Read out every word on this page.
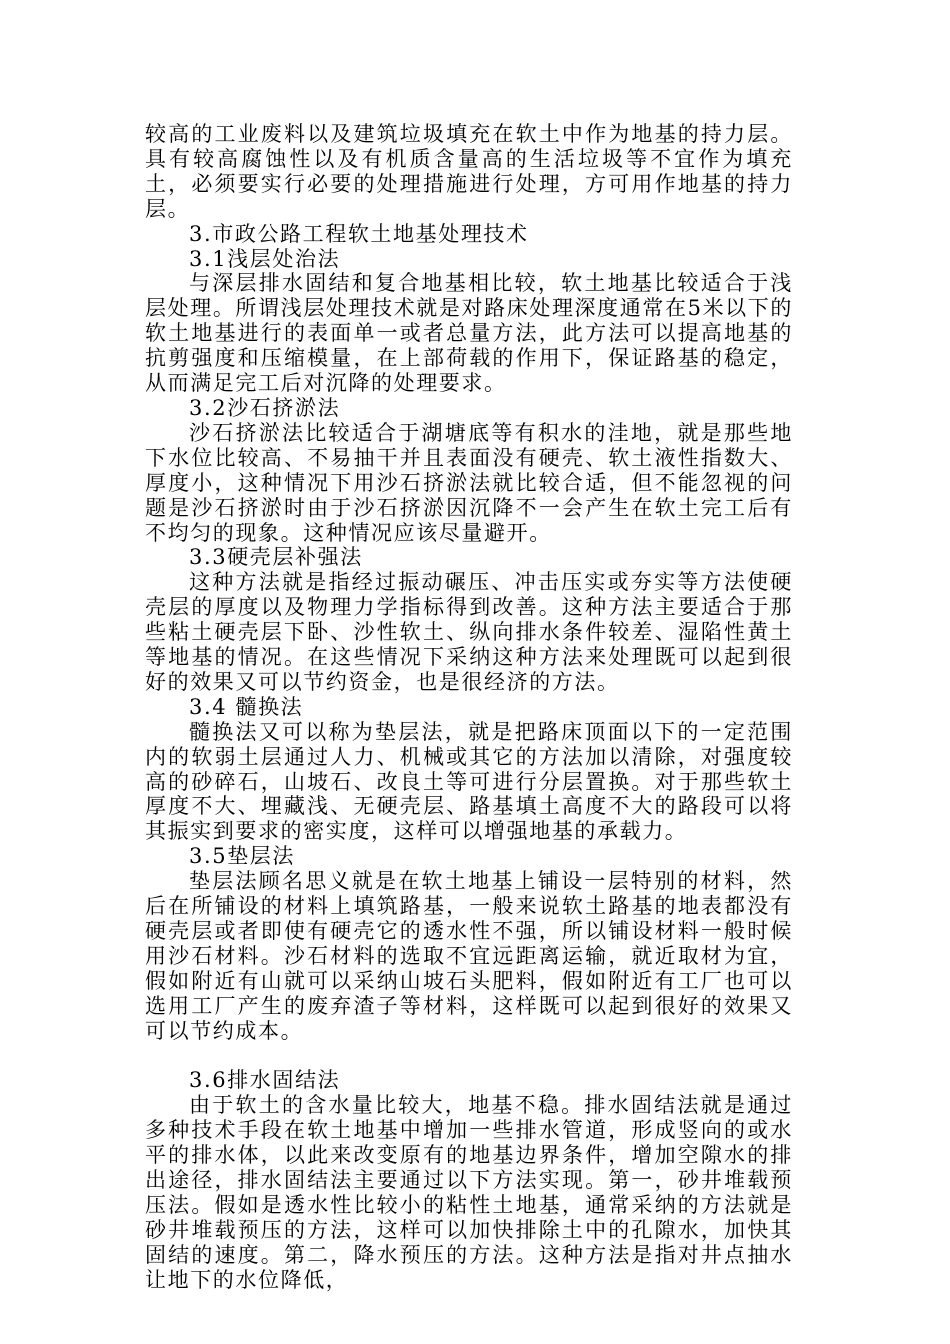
较高的工业废料以及建筑垃圾填充在软土中作为地基的持力层。具有较高腐蚀性以及有机质含量高的生活垃圾等不宜作为填充土，必须要实行必要的处理措施进行处理，方可用作地基的持力层。

3.市政公路工程软土地基处理技术

3.1浅层处治法

与深层排水固结和复合地基相比较，软土地基比较适合于浅层处理。所谓浅层处理技术就是对路床处理深度通常在5米以下的软土地基进行的表面单一或者总量方法，此方法可以提高地基的抗剪强度和压缩模量，在上部荷载的作用下，保证路基的稳定，从而满足完工后对沉降的处理要求。

3.2沙石挤淤法

沙石挤淤法比较适合于湖塘底等有积水的洼地，就是那些地下水位比较高、不易抽干并且表面没有硬壳、软土液性指数大、厚度小，这种情况下用沙石挤淤法就比较合适，但不能忽视的问题是沙石挤淤时由于沙石挤淤因沉降不一会产生在软土完工后有不均匀的现象。这种情况应该尽量避开。

3.3硬壳层补强法

这种方法就是指经过振动碾压、冲击压实或夯实等方法使硬壳层的厚度以及物理力学指标得到改善。这种方法主要适合于那些粘土硬壳层下卧、沙性软土、纵向排水条件较差、湿陷性黄土等地基的情况。在这些情况下采纳这种方法来处理既可以起到很好的效果又可以节约资金，也是很经济的方法。

3.4 髓换法

髓换法又可以称为垫层法，就是把路床顶面以下的一定范围内的软弱土层通过人力、机械或其它的方法加以清除，对强度较高的砂碎石，山坡石、改良土等可进行分层置换。对于那些软土厚度不大、埋藏浅、无硬壳层、路基填土高度不大的路段可以将其振实到要求的密实度，这样可以增强地基的承载力。

3.5垫层法

垫层法顾名思义就是在软土地基上铺设一层特别的材料，然后在所铺设的材料上填筑路基，一般来说软土路基的地表都没有硬壳层或者即使有硬壳它的透水性不强，所以铺设材料一般时候用沙石材料。沙石材料的选取不宜远距离运输，就近取材为宜，假如附近有山就可以采纳山坡石头肥料，假如附近有工厂也可以选用工厂产生的废弃渣子等材料，这样既可以起到很好的效果又可以节约成本。

3.6排水固结法

由于软土的含水量比较大，地基不稳。排水固结法就是通过多种技术手段在软土地基中增加一些排水管道，形成竖向的或水平的排水体，以此来改变原有的地基边界条件，增加空隙水的排出途径，排水固结法主要通过以下方法实现。第一，砂井堆载预压法。假如是透水性比较小的粘性土地基，通常采纳的方法就是砂井堆载预压的方法，这样可以加快排除土中的孔隙水，加快其固结的速度。第二，降水预压的方法。这种方法是指对井点抽水让地下的水位降低，
